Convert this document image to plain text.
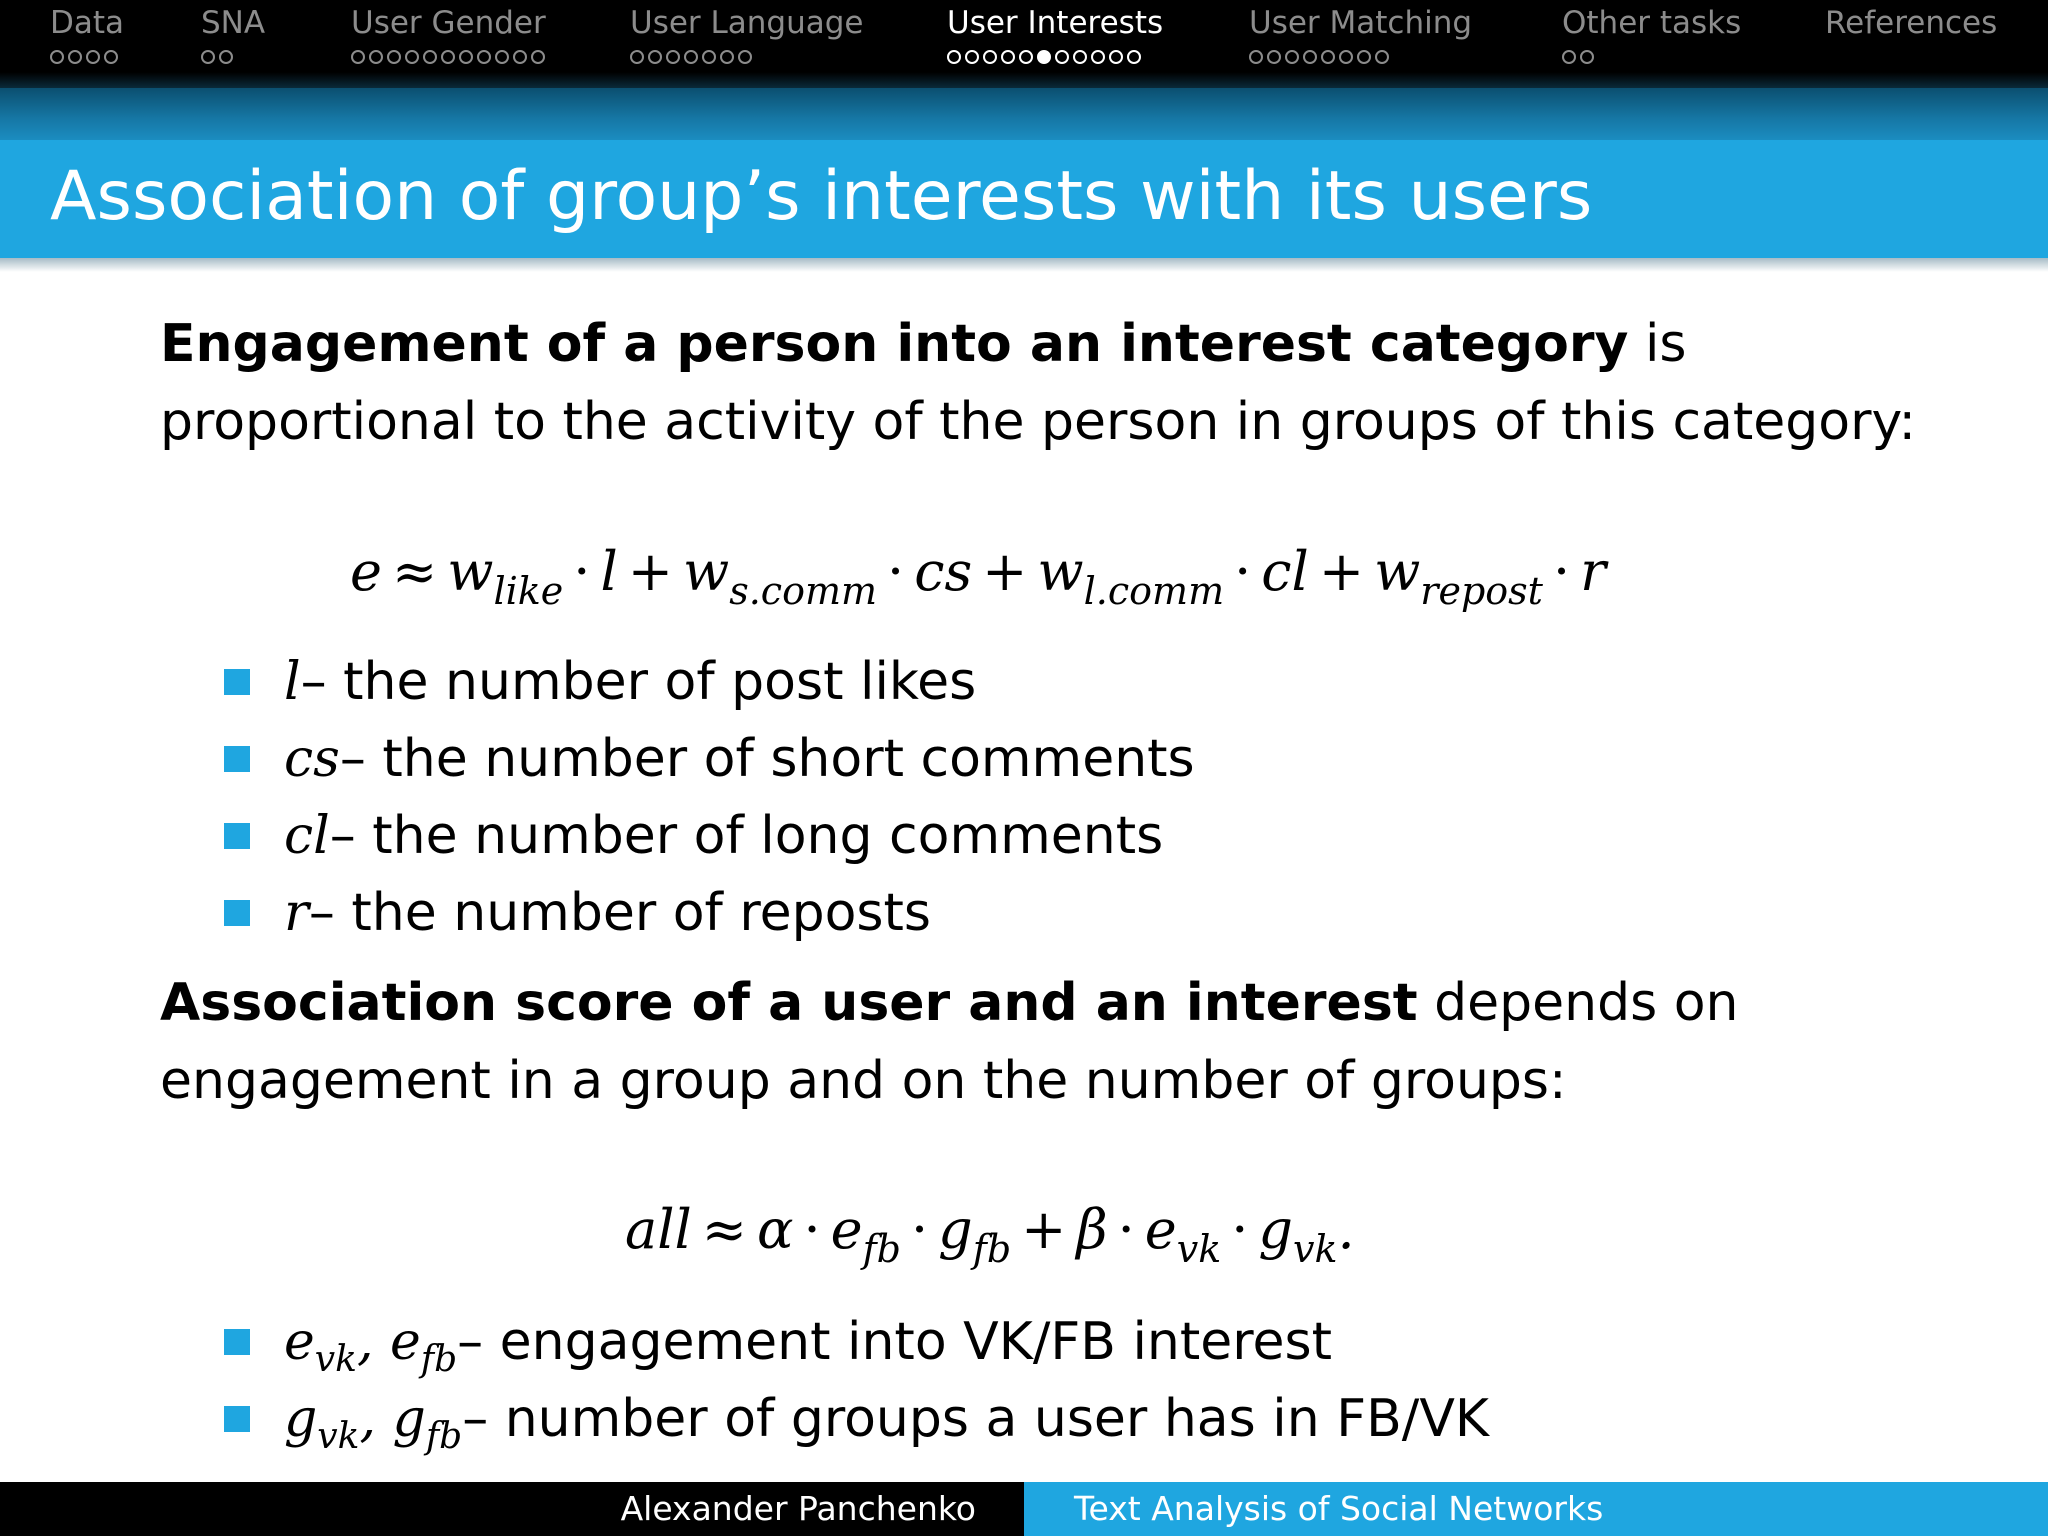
Data SNA	User Gender	User Language	User Interests	User Matching	Other tasks	References
Association of group’s interests with its users
Engagement of a person into an interest category is
proportional to the activity of the person in groups of this category:
$e \approx w_{like} \cdot l + w_{s.comm}$ · cs + $w_{l.comm}$ · cl + $w_{repost} \cdot r$
l – the number of post likes
cs – the number of short comments
cl – the number of long comments
r – the number of reposts
Association score of a user and an interest depends on
engagement in a group and on the number of groups:
all ≈ $\alpha \cdot e_{fb} \cdot g_{fb} + \beta \cdot e_{vk} \cdot g_{vk}$.
$e_{vk}$, $e_{fb}$ – engagement into VK/FB interest
$g_{vk}$, $g_{fb}$ – number of groups a user has in FB/VK
Alexander Panchenko	Text Analysis of Social Networks
